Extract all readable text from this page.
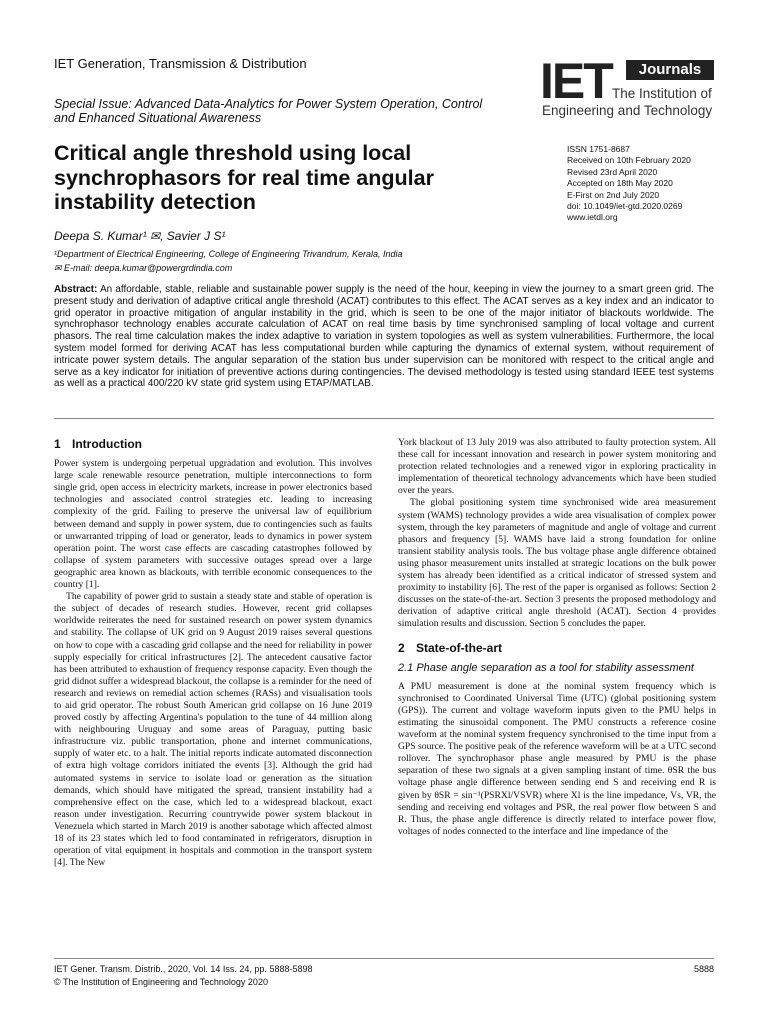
IET Generation, Transmission & Distribution
Special Issue: Advanced Data-Analytics for Power System Operation, Control and Enhanced Situational Awareness
IET	Journals
The Institution of
Engineering and Technology
Critical angle threshold using local synchrophasors for real time angular instability detection
ISSN 1751-8687
Received on 10th February 2020
Revised 23rd April 2020
Accepted on 18th May 2020
E-First on 2nd July 2020
doi: 10.1049/iet-gtd.2020.0269
www.ietdl.org
Deepa S. Kumar¹ ✉, Savier J S¹
¹Department of Electrical Engineering, College of Engineering Trivandrum, Kerala, India
✉ E-mail: deepa.kumar@powergrdindia.com
Abstract: An affordable, stable, reliable and sustainable power supply is the need of the hour, keeping in view the journey to a smart green grid. The present study and derivation of adaptive critical angle threshold (ACAT) contributes to this effect. The ACAT serves as a key index and an indicator to grid operator in proactive mitigation of angular instability in the grid, which is seen to be one of the major initiator of blackouts worldwide. The synchrophasor technology enables accurate calculation of ACAT on real time basis by time synchronised sampling of local voltage and current phasors. The real time calculation makes the index adaptive to variation in system topologies as well as system vulnerabilities. Furthermore, the local system model formed for deriving ACAT has less computational burden while capturing the dynamics of external system, without requirement of intricate power system details. The angular separation of the station bus under supervision can be monitored with respect to the critical angle and serve as a key indicator for initiation of preventive actions during contingencies. The devised methodology is tested using standard IEEE test systems as well as a practical 400/220 kV state grid system using ETAP/MATLAB.
1 Introduction

Power system is undergoing perpetual upgradation and evolution. This involves large scale renewable resource penetration, multiple interconnections to form single grid, open access in electricity markets, increase in power electronics based technologies and associated control strategies etc. leading to increasing complexity of the grid. Failing to preserve the universal law of equilibrium between demand and supply in power system, due to contingencies such as faults or unwarranted tripping of load or generator, leads to dynamics in power system operation point. The worst case effects are cascading catastrophes followed by collapse of system parameters with successive outages spread over a large geographic area known as blackouts, with terrible economic consequences to the country [1].

The capability of power grid to sustain a steady state and stable of operation is the subject of decades of research studies. However, recent grid collapses worldwide reiterates the need for sustained research on power system dynamics and stability. The collapse of UK grid on 9 August 2019 raises several questions on how to cope with a cascading grid collapse and the need for reliability in power supply especially for critical infrastructures [2]. The antecedent causative factor has been attributed to exhaustion of frequency response capacity. Even though the grid didnot suffer a widespread blackout, the collapse is a reminder for the need of research and reviews on remedial action schemes (RASs) and visualisation tools to aid grid operator. The robust South American grid collapse on 16 June 2019 proved costly by affecting Argentina's population to the tune of 44 million along with neighbouring Uruguay and some areas of Paraguay, putting basic infrastructure viz. public transportation, phone and internet communications, supply of water etc. to a halt. The initial reports indicate automated disconnection of extra high voltage corridors initiated the events [3]. Although the grid had automated systems in service to isolate load or generation as the situation demands, which should have mitigated the spread, transient instability had a comprehensive effect on the case, which led to a widespread blackout, exact reason under investigation. Recurring countrywide power system blackout in Venezuela which started in March 2019 is another sabotage which affected almost 18 of its 23 states which led to food contaminated in refrigerators, disruption in operation of vital equipment in hospitals and commotion in the transport system [4]. The New

York blackout of 13 July 2019 was also attributed to faulty protection system. All these call for incessant innovation and research in power system monitoring and protection related technologies and a renewed vigor in exploring practicality in implementation of theoretical technology advancements which have been studied over the years.

The global positioning system time synchronised wide area measurement system (WAMS) technology provides a wide area visualisation of complex power system, through the key parameters of magnitude and angle of voltage and current phasors and frequency [5]. WAMS have laid a strong foundation for online transient stability analysis tools. The bus voltage phase angle difference obtained using phasor measurement units installed at strategic locations on the bulk power system has already been identified as a critical indicator of stressed system and proximity to instability [6]. The rest of the paper is organised as follows: Section 2 discusses on the state-of-the-art. Section 3 presents the proposed methodology and derivation of adaptive critical angle threshold (ACAT). Section 4 provides simulation results and discussion. Section 5 concludes the paper.

2 State-of-the-art
2.1 Phase angle separation as a tool for stability assessment

A PMU measurement is done at the nominal system frequency which is synchronised to Coordinated Universal Time (UTC) (global positioning system (GPS)). The current and voltage waveform inputs given to the PMU helps in estimating the sinusoidal component. The PMU constructs a reference cosine waveform at the nominal system frequency synchronised to the time input from a GPS source. The positive peak of the reference waveform will be at a UTC second rollover. The synchrophasor phase angle measured by PMU is the phase separation of these two signals at a given sampling instant of time. θSR the bus voltage phase angle difference between sending end S and receiving end R is given by θSR = sin⁻¹(PSRXl/VSVR) where Xl is the line impedance, Vs, VR, the sending and receiving end voltages and PSR, the real power flow between S and R. Thus, the phase angle difference is directly related to interface power flow, voltages of nodes connected to the interface and line impedance of the

IET Gener. Transm. Distrib., 2020, Vol. 14 Iss. 24, pp. 5888-5898
© The Institution of Engineering and Technology 2020
5888
